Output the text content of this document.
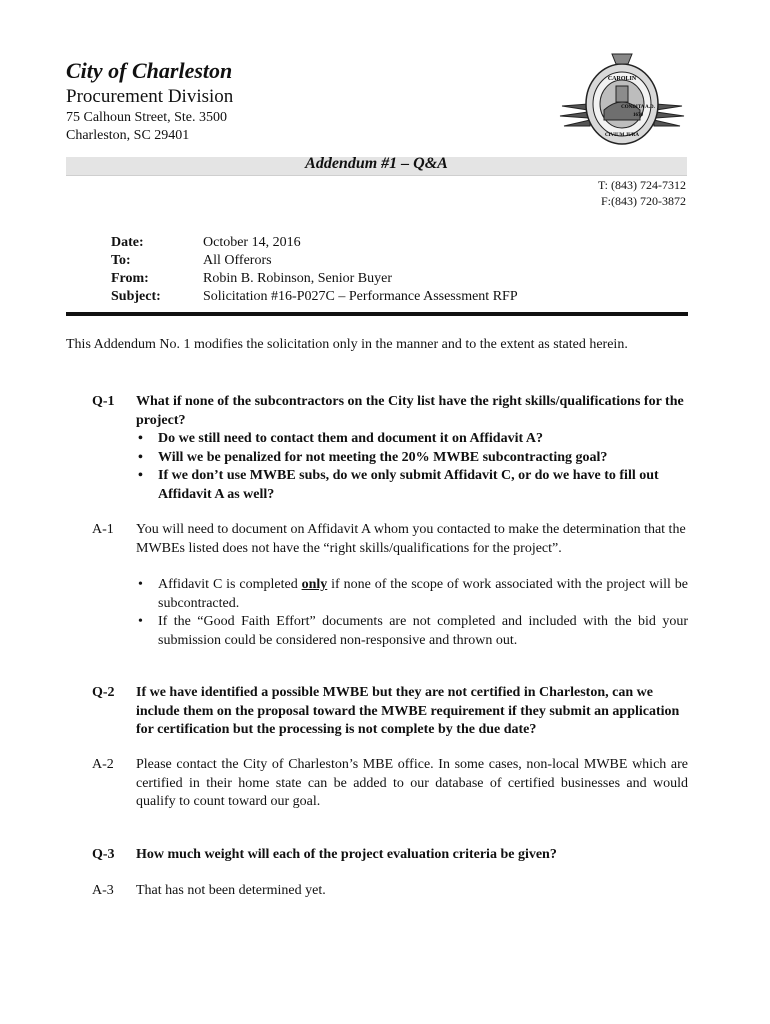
City of Charleston
Procurement Division
75 Calhoun Street, Ste. 3500
Charleston, SC 29401
CAROLIN
CONDITA A.D.
1670
CIVIUM JURA
Addendum #1 – Q&A
T: (843) 724-7312
F:(843) 720-3872
Date:	October 14, 2016
To:	All Offerors
From:	Robin B. Robinson, Senior Buyer
Subject:	Solicitation #16-P027C – Performance Assessment RFP
This Addendum No. 1 modifies the solicitation only in the manner and to the extent as stated herein.
Q-1	What if none of the subcontractors on the City list have the right skills/qualifications for the project?
• Do we still need to contact them and document it on Affidavit A?
• Will we be penalized for not meeting the 20% MWBE subcontracting goal?
• If we don’t use MWBE subs, do we only submit Affidavit C, or do we have to fill out Affidavit A as well?
A-1	You will need to document on Affidavit A whom you contacted to make the determination that the MWBEs listed does not have the “right skills/qualifications for the project”.
• Affidavit C is completed only if none of the scope of work associated with the project will be subcontracted.
• If the “Good Faith Effort” documents are not completed and included with the bid your submission could be considered non-responsive and thrown out.
Q-2	If we have identified a possible MWBE but they are not certified in Charleston, can we include them on the proposal toward the MWBE requirement if they submit an application for certification but the processing is not complete by the due date?
A-2	Please contact the City of Charleston’s MBE office. In some cases, non-local MWBE which are certified in their home state can be added to our database of certified businesses and would qualify to count toward our goal.
Q-3	How much weight will each of the project evaluation criteria be given?
A-3	That has not been determined yet.
